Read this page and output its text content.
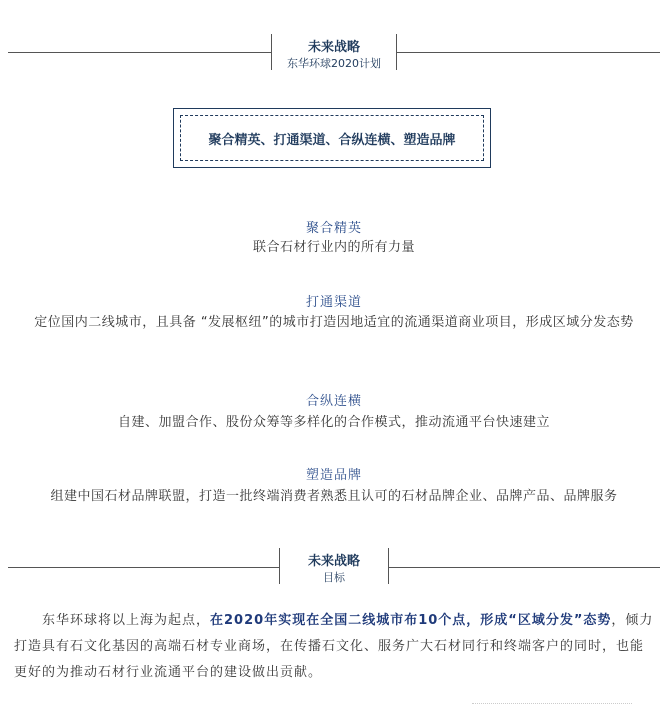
未来战略
东华环球2020计划
聚合精英、打通渠道、合纵连横、塑造品牌
聚合精英
联合石材行业内的所有力量
打通渠道
定位国内二线城市，且具备 “发展枢纽”的城市打造因地适宜的流通渠道商业项目，形成区域分发态势
合纵连横
自建、加盟合作、股份众筹等多样化的合作模式，推动流通平台快速建立
塑造品牌
组建中国石材品牌联盟，打造一批终端消费者熟悉且认可的石材品牌企业、品牌产品、品牌服务
未来战略
目标
东华环球将以上海为起点，在2020年实现在全国二线城市布10个点，形成“区域分发”态势，倾力打造具有石文化基因的高端石材专业商场，在传播石文化、服务广大石材同行和终端客户的同时，也能更好的为推动石材行业流通平台的建设做出贡献。
